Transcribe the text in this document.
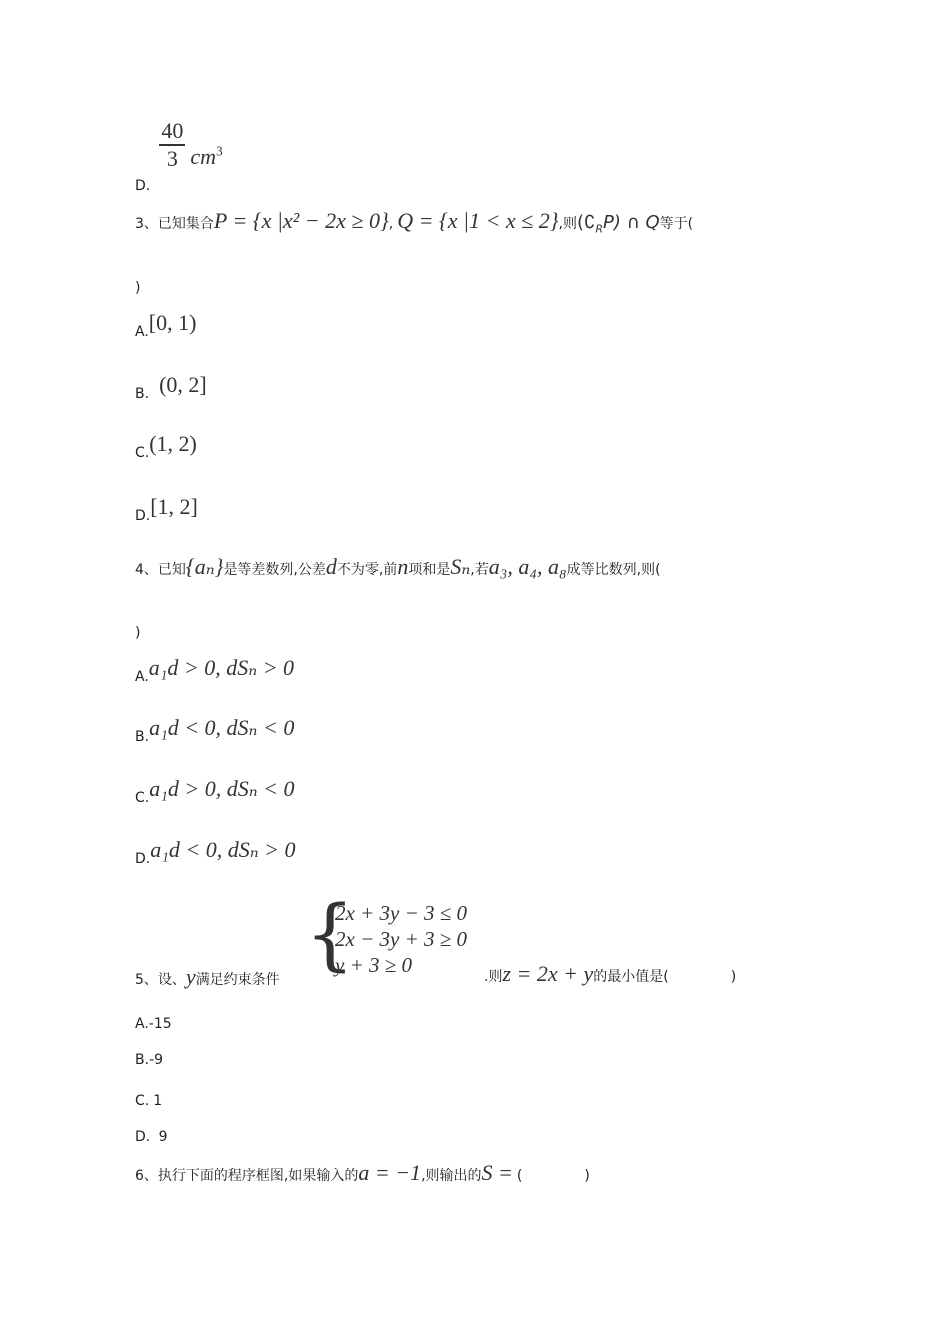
D.
$\frac{40}{3} cm^3$
3、已知集合P = {x |x² − 2x ≥ 0}, Q = {x |1 < x ≤ 2},则$(∁_RP)$ ∩ Q等于(
)
A.[0, 1)
B. (0, 2]
C.(1, 2)
D.[1, 2]
4、已知{aₙ}是等差数列,公差d不为零,前n项和是Sₙ,若a₃, a₄, a₈成等比数列,则(
)
A.a₁d > 0, dSₙ > 0
B.a₁d < 0, dSₙ < 0
C.a₁d > 0, dSₙ < 0
D.a₁d < 0, dSₙ > 0
{
2x + 3y − 3 ≤ 0
2x − 3y + 3 ≥ 0
y + 3 ≥ 0
5、设、y满足约束条件	.则z = 2x + y的最小值是(	)
A.-15
B.-9
C. 1
D. 9
6、执行下面的程序框图,如果输入的a = −1,则输出的S = (	)
